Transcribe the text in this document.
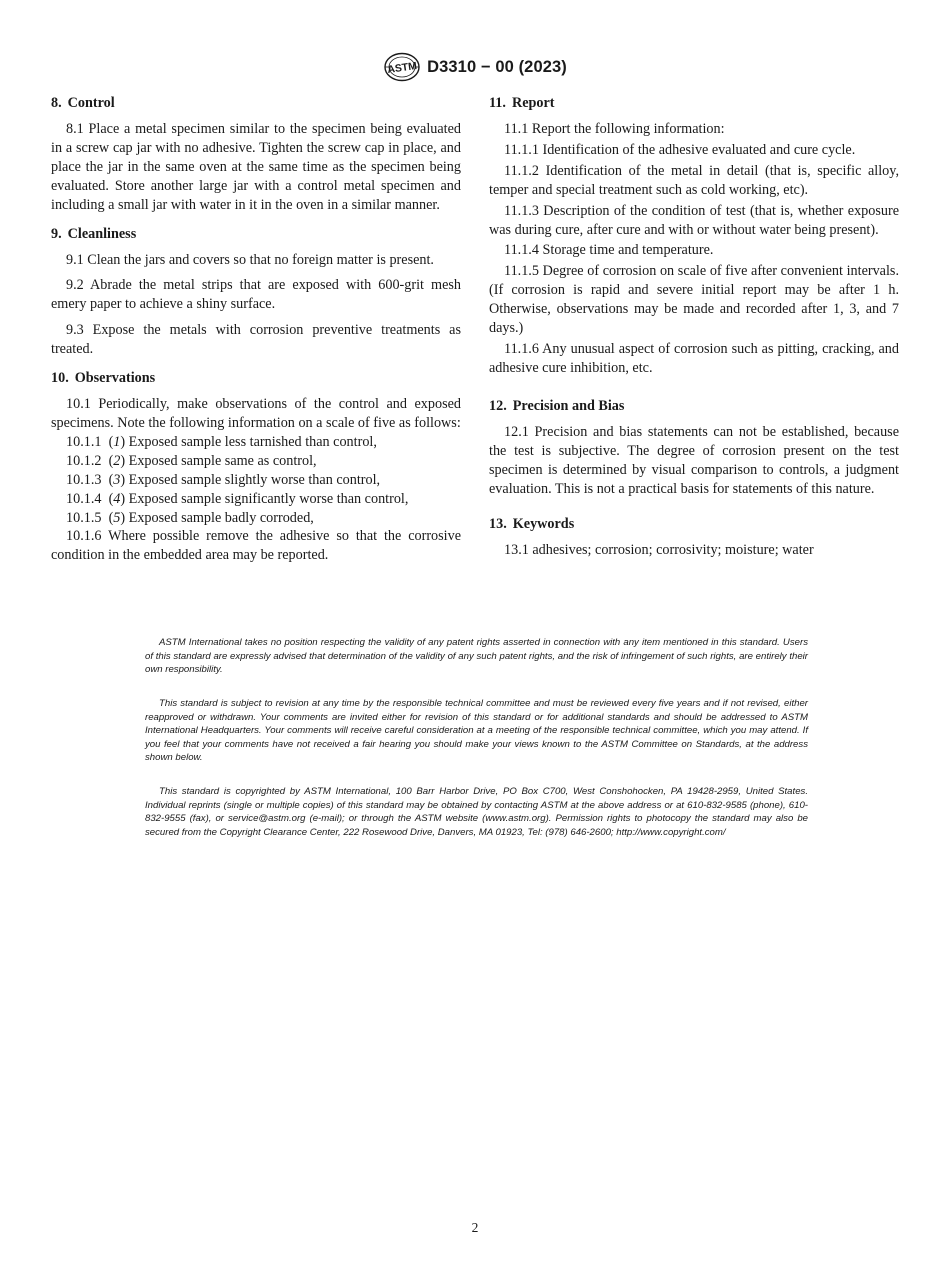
ASTM D3310 − 00 (2023)
8. Control

8.1 Place a metal specimen similar to the specimen being evaluated in a screw cap jar with no adhesive. Tighten the screw cap in place, and place the jar in the same oven at the same time as the specimen being evaluated. Store another large jar with a control metal specimen and including a small jar with water in it in the oven in a similar manner.

9. Cleanliness

9.1 Clean the jars and covers so that no foreign matter is present.

9.2 Abrade the metal strips that are exposed with 600-grit mesh emery paper to achieve a shiny surface.

9.3 Expose the metals with corrosion preventive treatments as treated.

10. Observations

10.1 Periodically, make observations of the control and exposed specimens. Note the following information on a scale of five as follows:

10.1.1  (1) Exposed sample less tarnished than control,

10.1.2  (2) Exposed sample same as control,

10.1.3  (3) Exposed sample slightly worse than control,

10.1.4  (4) Exposed sample significantly worse than control,

10.1.5  (5) Exposed sample badly corroded,

10.1.6 Where possible remove the adhesive so that the corrosive condition in the embedded area may be reported.

11. Report

11.1 Report the following information:

11.1.1 Identification of the adhesive evaluated and cure cycle.

11.1.2 Identification of the metal in detail (that is, specific alloy, temper and special treatment such as cold working, etc).

11.1.3 Description of the condition of test (that is, whether exposure was during cure, after cure and with or without water being present).

11.1.4 Storage time and temperature.

11.1.5 Degree of corrosion on scale of five after convenient intervals. (If corrosion is rapid and severe initial report may be after 1 h. Otherwise, observations may be made and recorded after 1, 3, and 7 days.)

11.1.6 Any unusual aspect of corrosion such as pitting, cracking, and adhesive cure inhibition, etc.

12. Precision and Bias

12.1 Precision and bias statements can not be established, because the test is subjective. The degree of corrosion present on the test specimen is determined by visual comparison to controls, a judgment evaluation. This is not a practical basis for statements of this nature.

13. Keywords

13.1 adhesives; corrosion; corrosivity; moisture; water

ASTM International takes no position respecting the validity of any patent rights asserted in connection with any item mentioned in this standard. Users of this standard are expressly advised that determination of the validity of any such patent rights, and the risk of infringement of such rights, are entirely their own responsibility.

This standard is subject to revision at any time by the responsible technical committee and must be reviewed every five years and if not revised, either reapproved or withdrawn. Your comments are invited either for revision of this standard or for additional standards and should be addressed to ASTM International Headquarters. Your comments will receive careful consideration at a meeting of the responsible technical committee, which you may attend. If you feel that your comments have not received a fair hearing you should make your views known to the ASTM Committee on Standards, at the address shown below.

This standard is copyrighted by ASTM International, 100 Barr Harbor Drive, PO Box C700, West Conshohocken, PA 19428-2959, United States. Individual reprints (single or multiple copies) of this standard may be obtained by contacting ASTM at the above address or at 610-832-9585 (phone), 610-832-9555 (fax), or service@astm.org (e-mail); or through the ASTM website (www.astm.org). Permission rights to photocopy the standard may also be secured from the Copyright Clearance Center, 222 Rosewood Drive, Danvers, MA 01923, Tel: (978) 646-2600; http://www.copyright.com/

2
